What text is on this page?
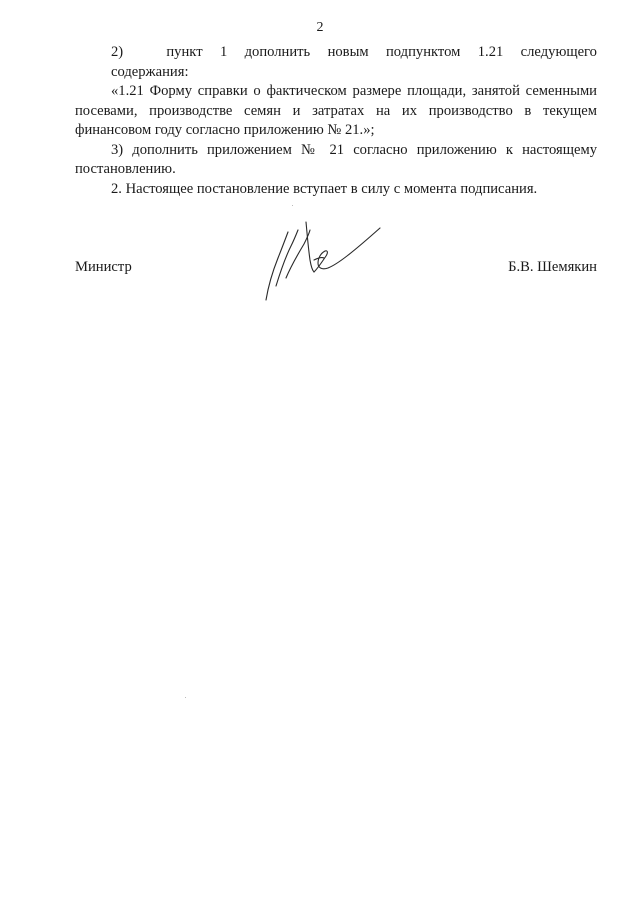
2

2)	пункт 1 дополнить новым подпунктом 1.21 следующего

содержания:

«1.21 Форму справки о фактическом размере площади, занятой семенными посевами, производстве семян и затратах на их производство в текущем финансовом году согласно приложению № 21.»;

3) дополнить приложением № 21 согласно приложению к настоящему постановлению.

2. Настоящее постановление вступает в силу с момента подписания.

Министр	Б.В. Шемякин
